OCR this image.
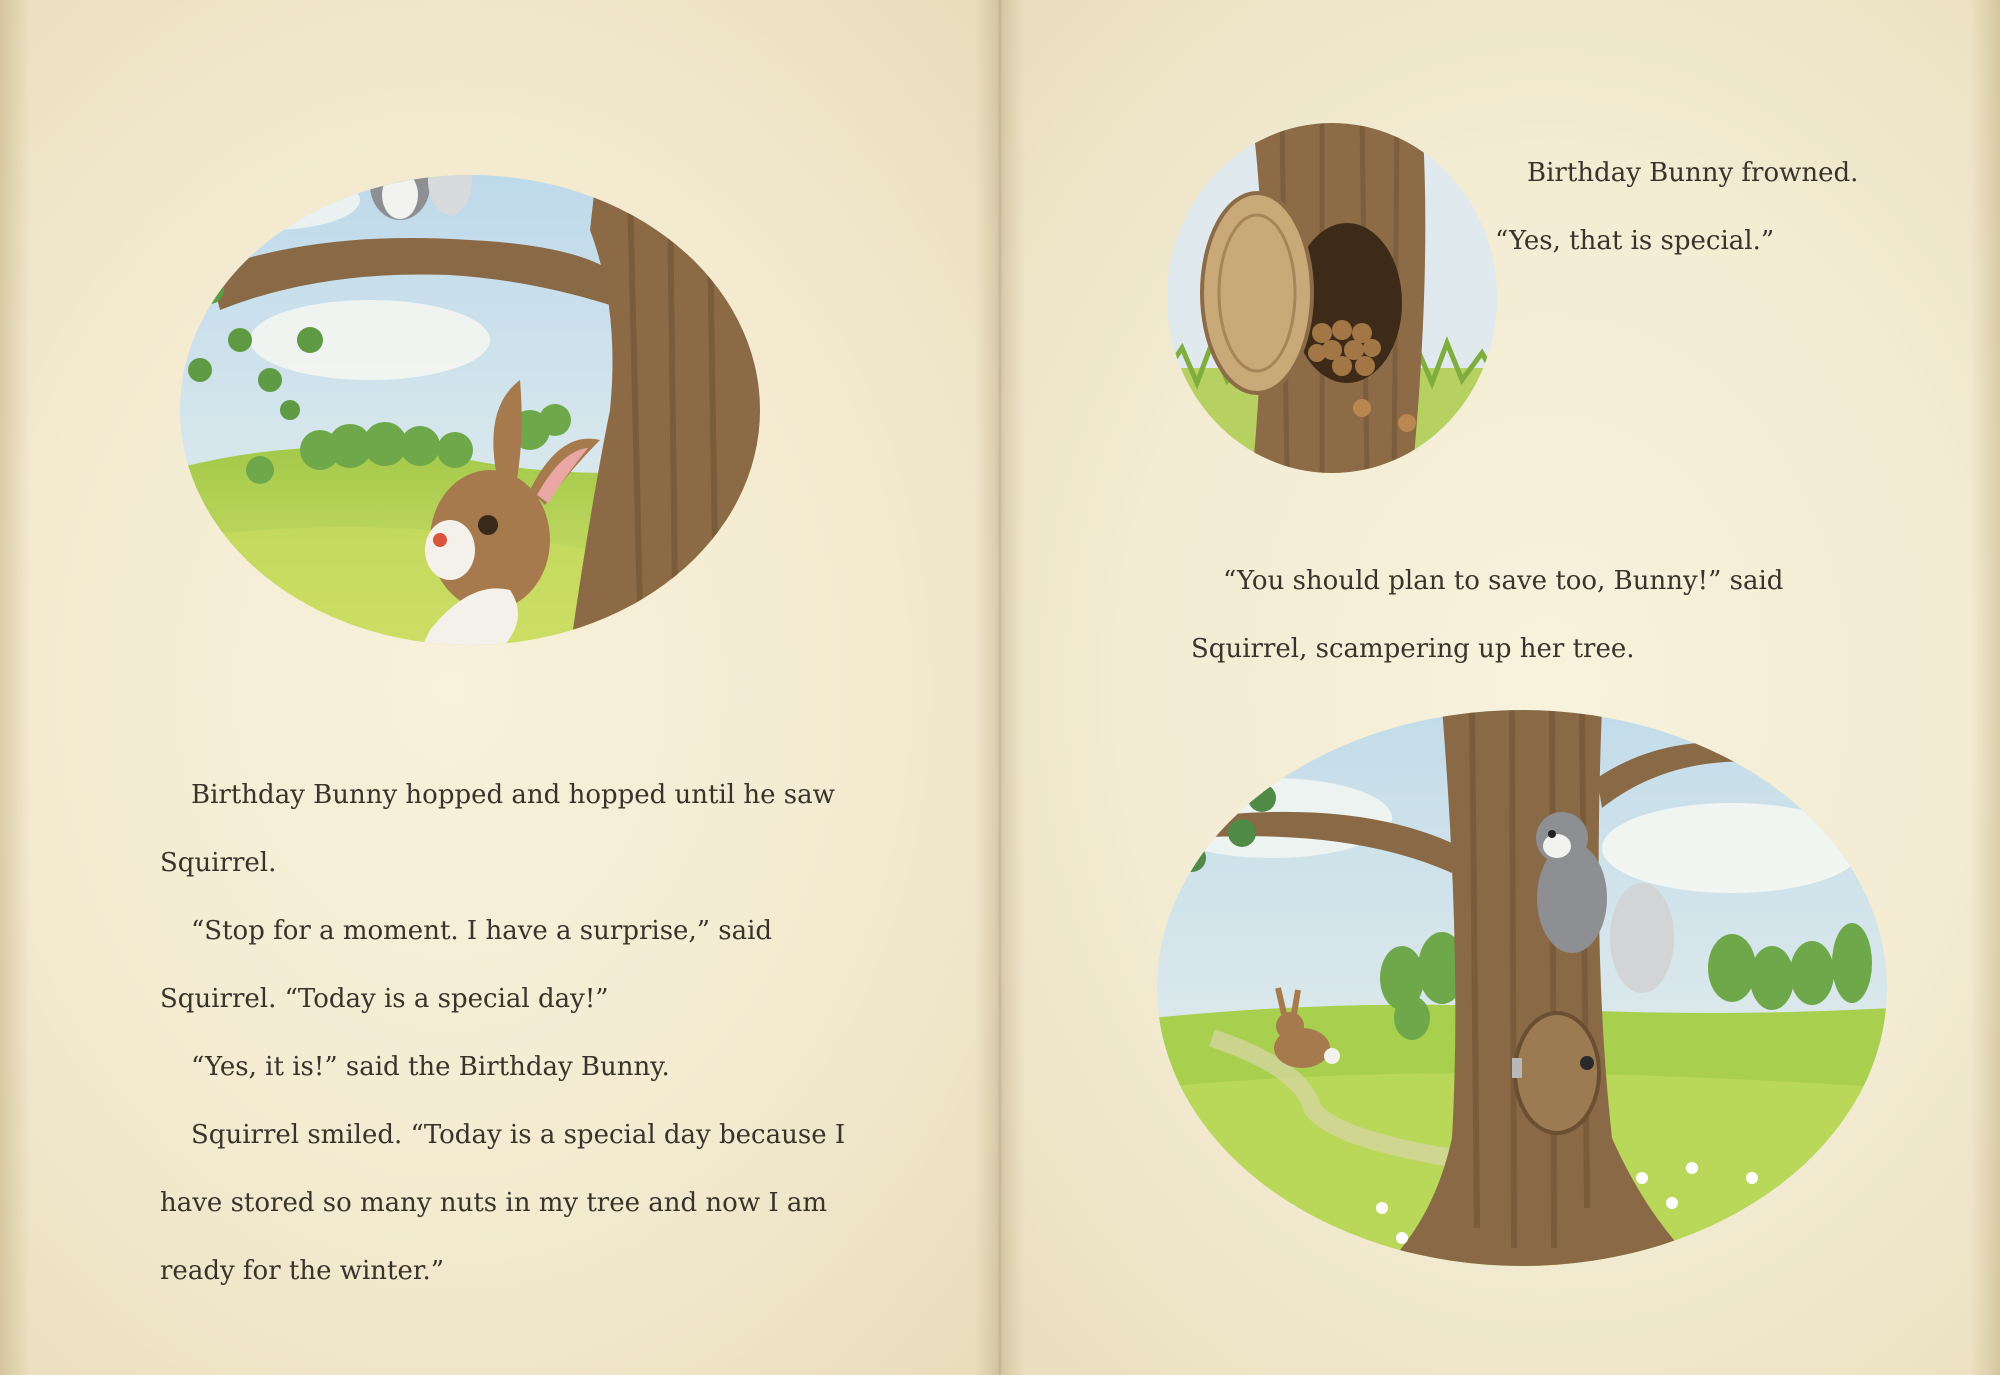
Birthday Bunny hopped and hopped until he saw
Squirrel.
“Stop for a moment. I have a surprise,” said
Squirrel. “Today is a special day!”
“Yes, it is!” said the Birthday Bunny.
Squirrel smiled. “Today is a special day because I
have stored so many nuts in my tree and now I am
ready for the winter.”
Birthday Bunny frowned.
“Yes, that is special.”
“You should plan to save too, Bunny!” said
Squirrel, scampering up her tree.
